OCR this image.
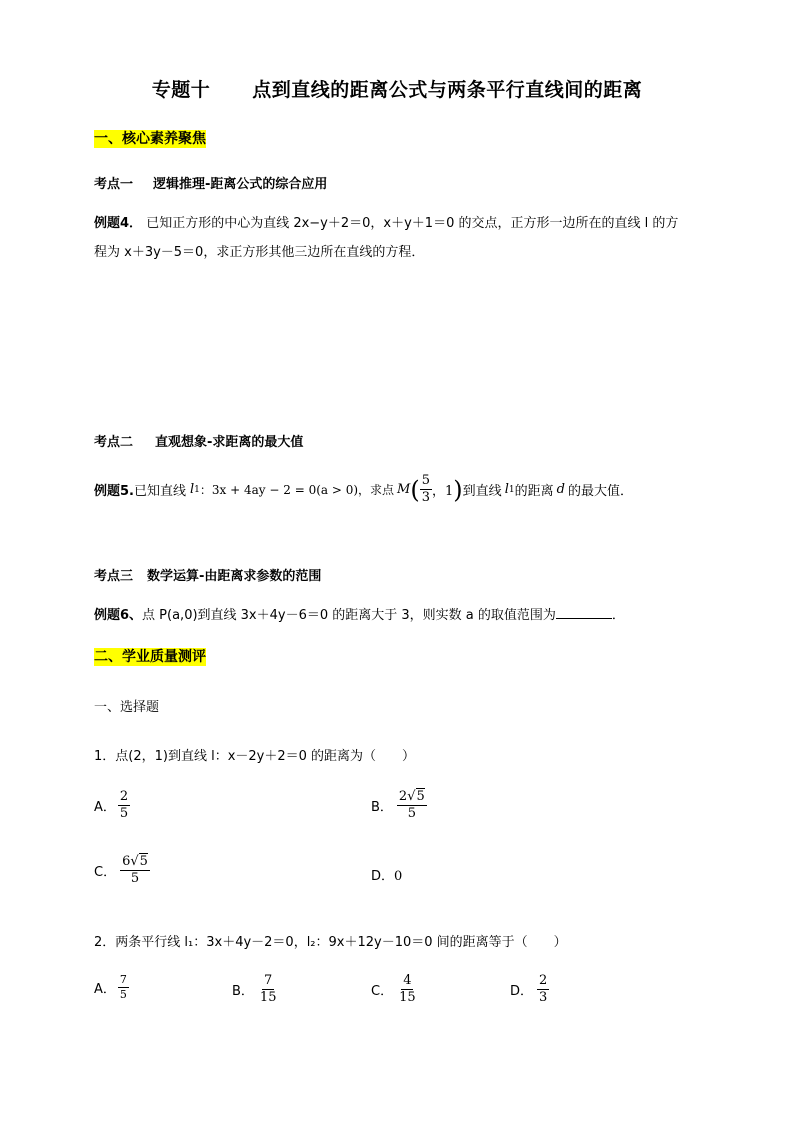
专题十 点到直线的距离公式与两条平行直线间的距离
一、核心素养聚焦
考点一 逻辑推理-距离公式的综合应用
例题4． 已知正方形的中心为直线 2x−y＋2＝0，x＋y＋1＝0 的交点，正方形一边所在的直线 l 的方
程为 x＋3y－5＝0，求正方形其他三边所在直线的方程．
考点二 直观想象-求距离的最大值
例题5. 已知直线 l 1 ：3x + 4ay − 2 = 0(a > 0)，求点 M ( $\frac{5}{3}$ ，1 ) 到直线 l 1 的距离 d 的最大值．
考点三 数学运算-由距离求参数的范围
例题6、点 P(a,0)到直线 3x＋4y－6＝0 的距离大于 3，则实数 a 的取值范围为	．
二、学业质量测评
一、选择题
1．点(2，1)到直线 l：x－2y＋2＝0 的距离为（　　）
A． $\frac{2}{5}$	B． $\frac{2√5}{5}$
C． $\frac{6√5}{5}$	D．0
2．两条平行线 l₁：3x＋4y－2＝0，l₂：9x＋12y－10＝0 间的距离等于（　　）
A． $\frac{7}{5}$	B． $\frac{7}{15}$	C． $\frac{4}{15}$	D． $\frac{2}{3}$
